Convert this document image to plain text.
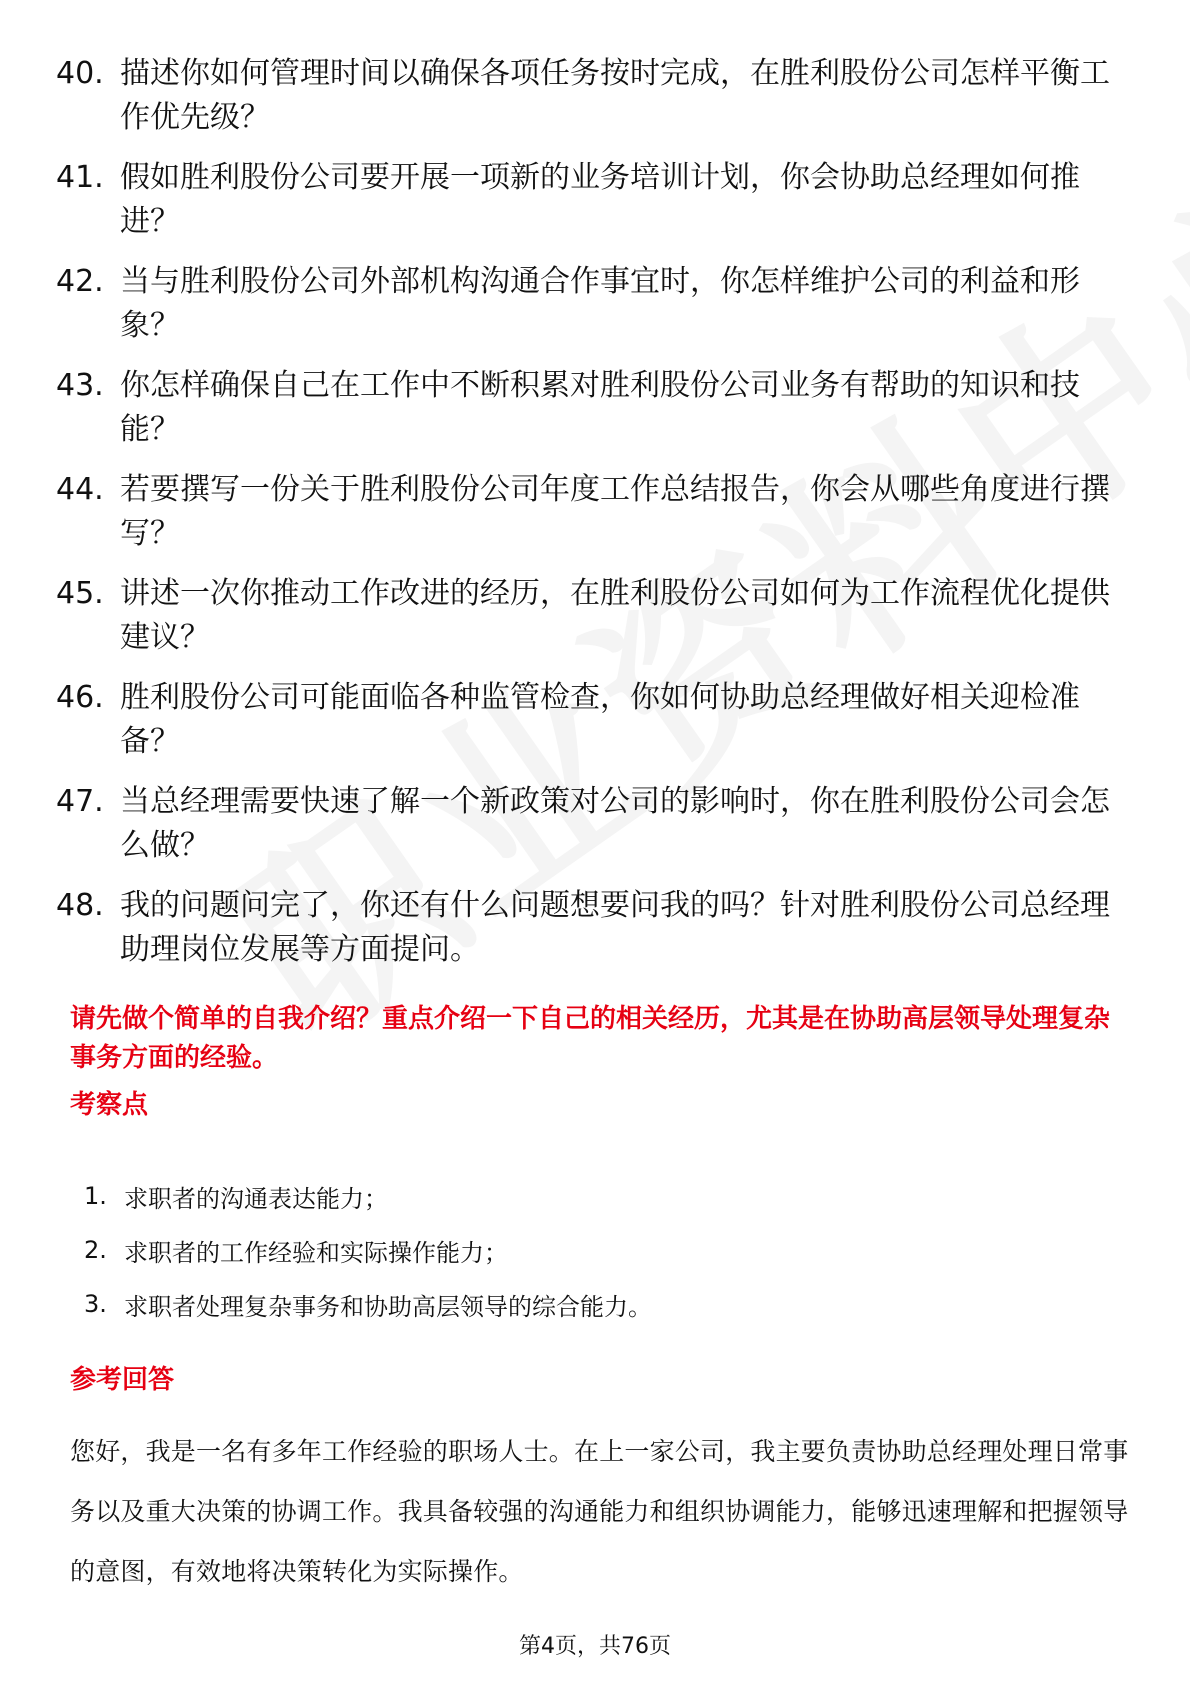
40. 描述你如何管理时间以确保各项任务按时完成，在胜利股份公司怎样平衡工作优先级？
41. 假如胜利股份公司要开展一项新的业务培训计划，你会协助总经理如何推进？
42. 当与胜利股份公司外部机构沟通合作事宜时，你怎样维护公司的利益和形象？
43. 你怎样确保自己在工作中不断积累对胜利股份公司业务有帮助的知识和技能？
44. 若要撰写一份关于胜利股份公司年度工作总结报告，你会从哪些角度进行撰写？
45. 讲述一次你推动工作改进的经历，在胜利股份公司如何为工作流程优化提供建议？
46. 胜利股份公司可能面临各种监管检查，你如何协助总经理做好相关迎检准备？
47. 当总经理需要快速了解一个新政策对公司的影响时，你在胜利股份公司会怎么做？
48. 我的问题问完了，你还有什么问题想要问我的吗？针对胜利股份公司总经理助理岗位发展等方面提问。

请先做个简单的自我介绍？重点介绍一下自己的相关经历，尤其是在协助高层领导处理复杂事务方面的经验。

考察点
1. 求职者的沟通表达能力；
2. 求职者的工作经验和实际操作能力；
3. 求职者处理复杂事务和协助高层领导的综合能力。
参考回答

您好，我是一名有多年工作经验的职场人士。在上一家公司，我主要负责协助总经理处理日常事务以及重大决策的协调工作。我具备较强的沟通能力和组织协调能力，能够迅速理解和把握领导的意图，有效地将决策转化为实际操作。

第4页，共76页
